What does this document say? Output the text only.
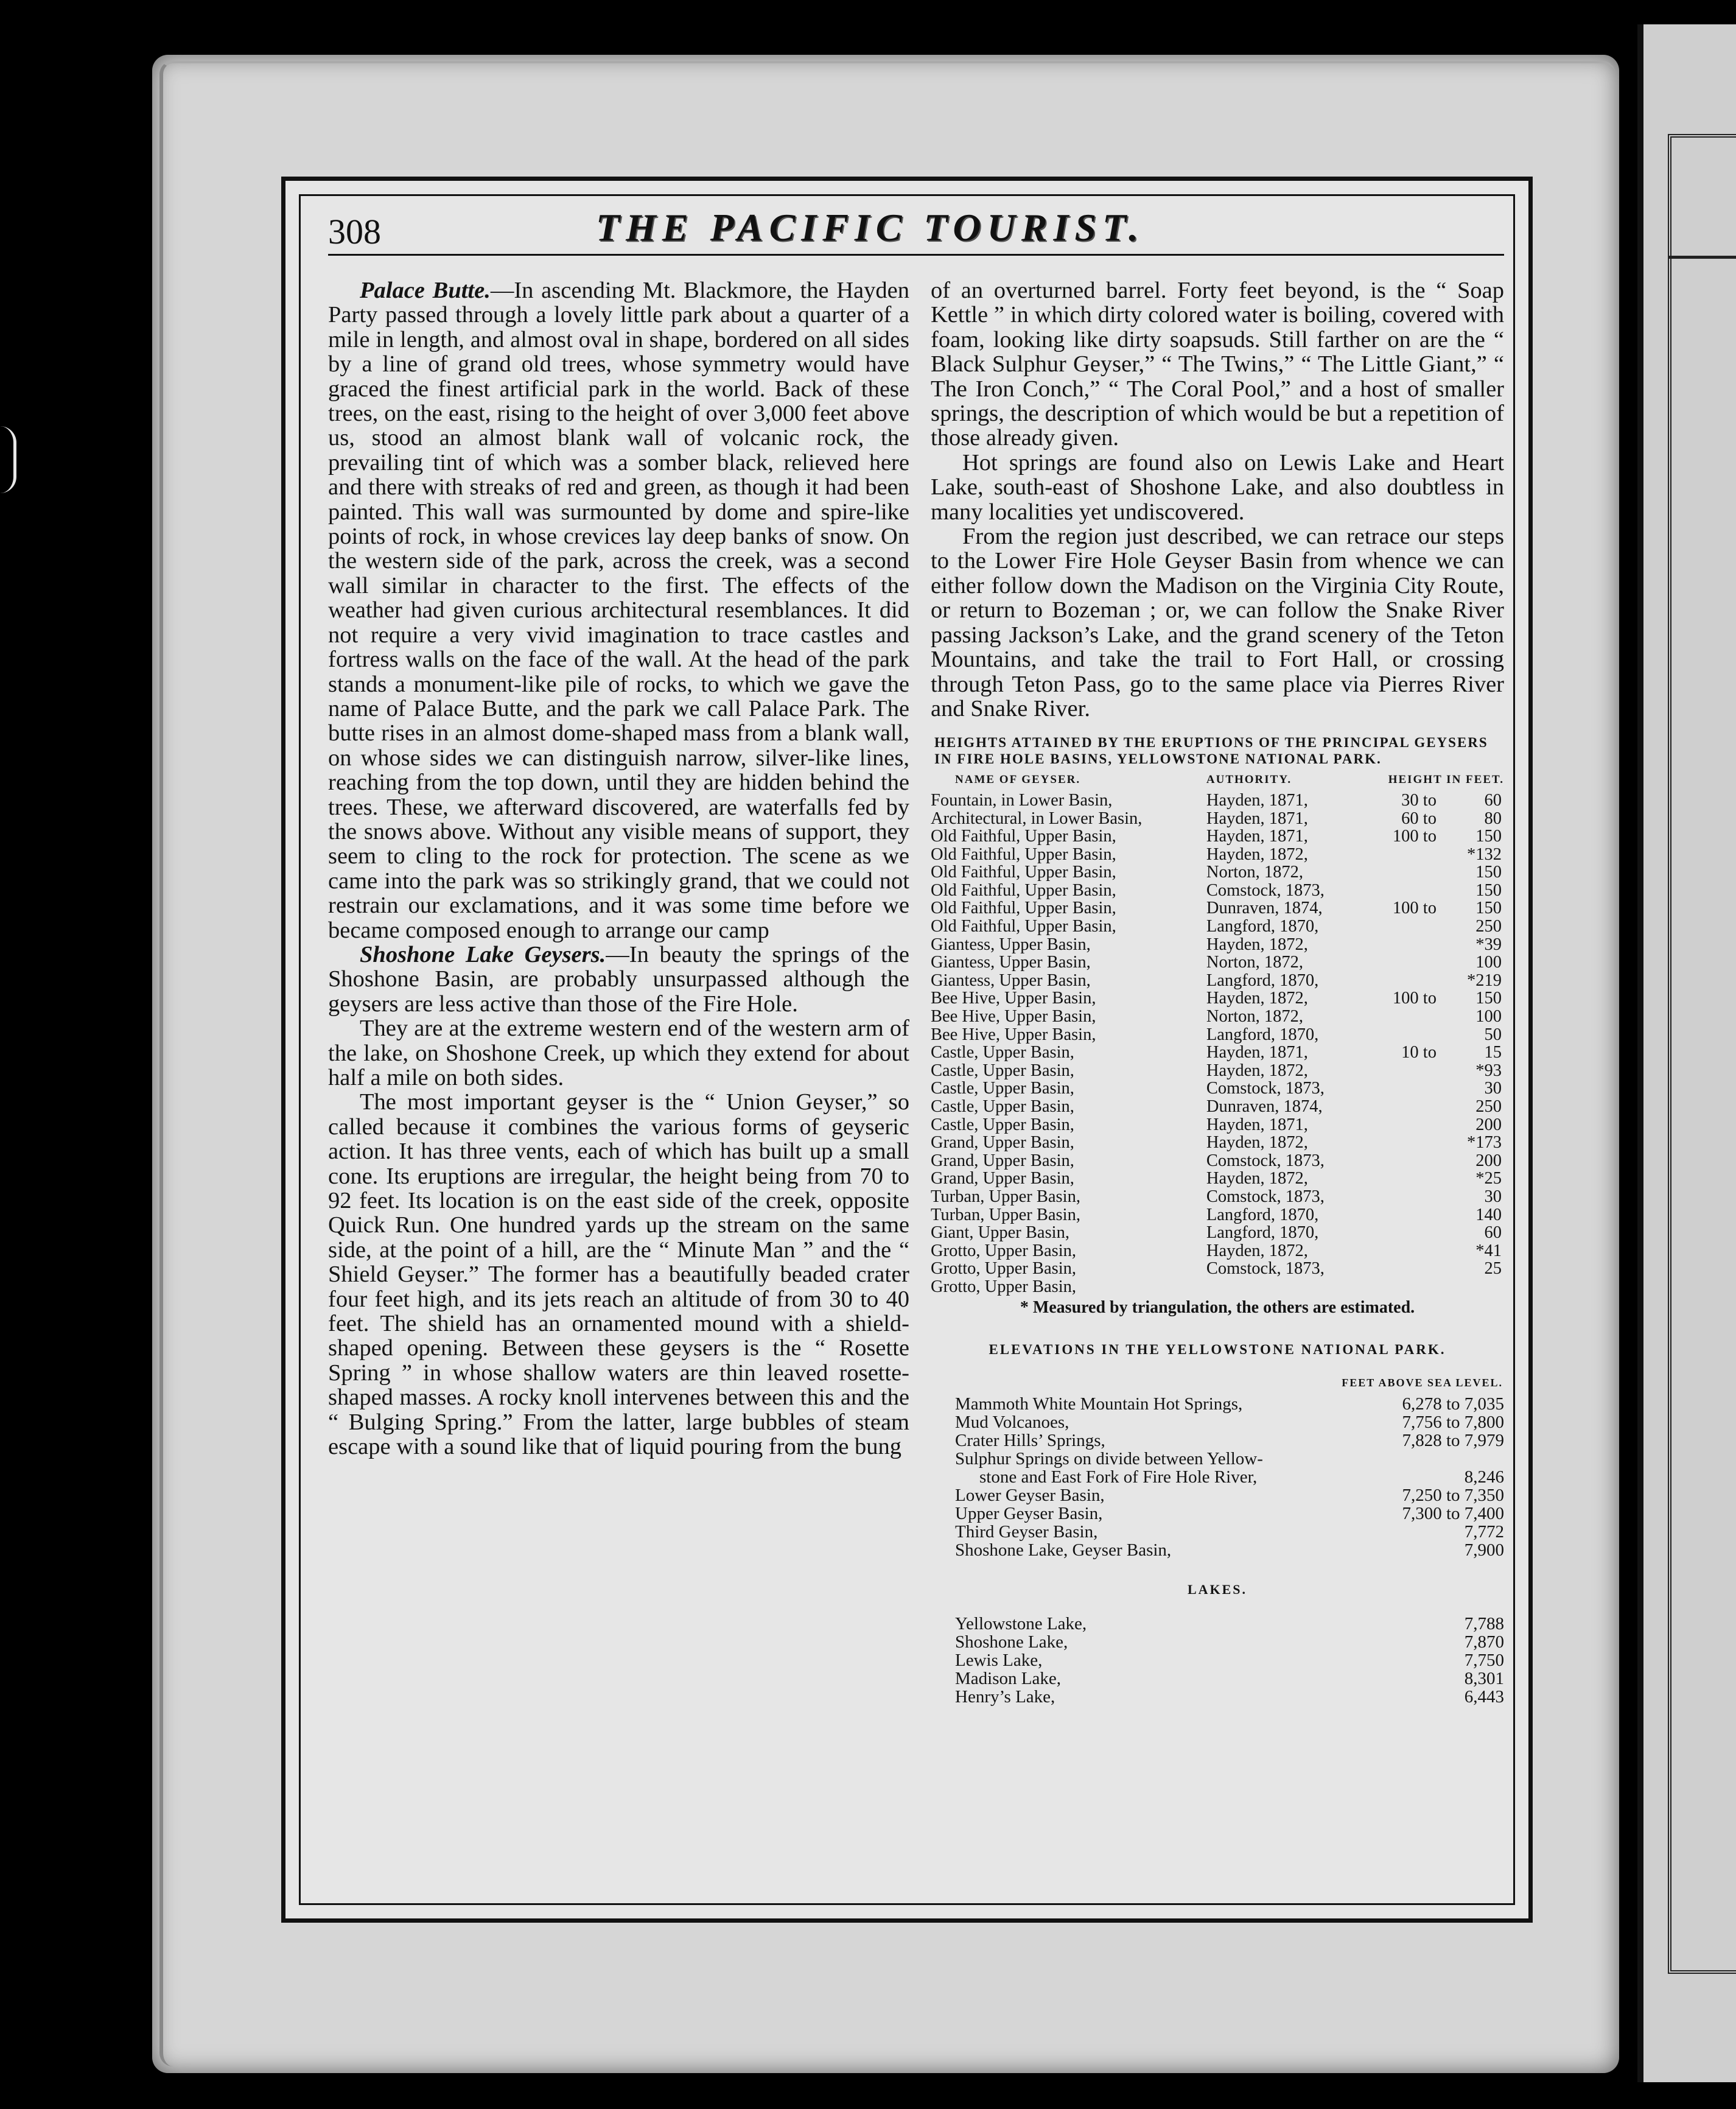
308	THE PACIFIC TOURIST.

Palace Butte.—In ascending Mt. Blackmore, the Hayden Party passed through a lovely little park about a quarter of a mile in length, and almost oval in shape, bordered on all sides by a line of grand old trees, whose symmetry would have graced the finest artificial park in the world. Back of these trees, on the east, rising to the height of over 3,000 feet above us, stood an almost blank wall of volcanic rock, the prevailing tint of which was a somber black, relieved here and there with streaks of red and green, as though it had been painted. This wall was surmounted by dome and spire-like points of rock, in whose crevices lay deep banks of snow. On the western side of the park, across the creek, was a second wall similar in character to the first. The effects of the weather had given curious architectural resemblances. It did not require a very vivid imagination to trace castles and fortress walls on the face of the wall. At the head of the park stands a monument-like pile of rocks, to which we gave the name of Palace Butte, and the park we call Palace Park. The butte rises in an almost dome-shaped mass from a blank wall, on whose sides we can distinguish narrow, silver-like lines, reaching from the top down, until they are hidden behind the trees. These, we afterward discovered, are waterfalls fed by the snows above. Without any visible means of support, they seem to cling to the rock for protection. The scene as we came into the park was so strikingly grand, that we could not restrain our exclamations, and it was some time before we became composed enough to arrange our camp

Shoshone Lake Geysers.—In beauty the springs of the Shoshone Basin, are probably unsurpassed although the geysers are less active than those of the Fire Hole.

They are at the extreme western end of the western arm of the lake, on Shoshone Creek, up which they extend for about half a mile on both sides.

The most important geyser is the “ Union Geyser,” so called because it combines the various forms of geyseric action. It has three vents, each of which has built up a small cone. Its eruptions are irregular, the height being from 70 to 92 feet. Its location is on the east side of the creek, opposite Quick Run. One hundred yards up the stream on the same side, at the point of a hill, are the “ Minute Man ” and the “ Shield Geyser.” The former has a beautifully beaded crater four feet high, and its jets reach an altitude of from 30 to 40 feet. The shield has an ornamented mound with a shield-shaped opening. Between these geysers is the “ Rosette Spring ” in whose shallow waters are thin leaved rosette-shaped masses. A rocky knoll intervenes between this and the “ Bulging Spring.” From the latter, large bubbles of steam escape with a sound like that of liquid pouring from the bung

of an overturned barrel. Forty feet beyond, is the “ Soap Kettle ” in which dirty colored water is boiling, covered with foam, looking like dirty soapsuds. Still farther on are the “ Black Sulphur Geyser,” “ The Twins,” “ The Little Giant,” “ The Iron Conch,” “ The Coral Pool,” and a host of smaller springs, the description of which would be but a repetition of those already given.

Hot springs are found also on Lewis Lake and Heart Lake, south-east of Shoshone Lake, and also doubtless in many localities yet undiscovered.

From the region just described, we can retrace our steps to the Lower Fire Hole Geyser Basin from whence we can either follow down the Madison on the Virginia City Route, or return to Bozeman ; or, we can follow the Snake River passing Jackson’s Lake, and the grand scenery of the Teton Mountains, and take the trail to Fort Hall, or crossing through Teton Pass, go to the same place via Pierres River and Snake River.

HEIGHTS ATTAINED BY THE ERUPTIONS OF THE PRINCIPAL GEYSERS IN FIRE HOLE BASINS, YELLOWSTONE NATIONAL PARK.
NAME OF GEYSER.	AUTHORITY.	HEIGHT IN FEET.	
Fountain, in Lower Basin,	Hayden, 1871,	30 to	60
Architectural, in Lower Basin,	Hayden, 1871,	60 to	80
Old Faithful, Upper Basin,	Hayden, 1871,	100 to	150
Old Faithful, Upper Basin,	Hayden, 1872,		*132
Old Faithful, Upper Basin,	Norton, 1872,		150
Old Faithful, Upper Basin,	Comstock, 1873,		150
Old Faithful, Upper Basin,	Dunraven, 1874,	100 to	150
Old Faithful, Upper Basin,	Langford, 1870,		250
Giantess, Upper Basin,	Hayden, 1872,		*39
Giantess, Upper Basin,	Norton, 1872,		100
Giantess, Upper Basin,	Langford, 1870,		*219
Bee Hive, Upper Basin,	Hayden, 1872,	100 to	150
Bee Hive, Upper Basin,	Norton, 1872,		100
Bee Hive, Upper Basin,	Langford, 1870,		50
Castle, Upper Basin,	Hayden, 1871,	10 to	15
Castle, Upper Basin,	Hayden, 1872,		*93
Castle, Upper Basin,	Comstock, 1873,		30
Castle, Upper Basin,	Dunraven, 1874,		250
Castle, Upper Basin,	Hayden, 1871,		200
Grand, Upper Basin,	Hayden, 1872,		*173
Grand, Upper Basin,	Comstock, 1873,		200
Grand, Upper Basin,	Hayden, 1872,		*25
Turban, Upper Basin,	Comstock, 1873,		30
Turban, Upper Basin,	Langford, 1870,		140
Giant, Upper Basin,	Langford, 1870,		60
Grotto, Upper Basin,	Hayden, 1872,		*41
Grotto, Upper Basin,	Comstock, 1873,		25
Grotto, Upper Basin,			
* Measured by triangulation, the others are estimated.
ELEVATIONS IN THE YELLOWSTONE NATIONAL PARK.
FEET ABOVE SEA LEVEL.
Mammoth White Mountain Hot Springs,	6,278 to 7,035
Mud Volcanoes,	7,756 to 7,800
Crater Hills’ Springs,	7,828 to 7,979
Sulphur Springs on divide between Yellow-
stone and East Fork of Fire Hole River,	8,246
Lower Geyser Basin,	7,250 to 7,350
Upper Geyser Basin,	7,300 to 7,400
Third Geyser Basin,	7,772
Shoshone Lake, Geyser Basin,	7,900
LAKES.
Yellowstone Lake,	7,788
Shoshone Lake,	7,870
Lewis Lake,	7,750
Madison Lake,	8,301
Henry’s Lake,	6,443
